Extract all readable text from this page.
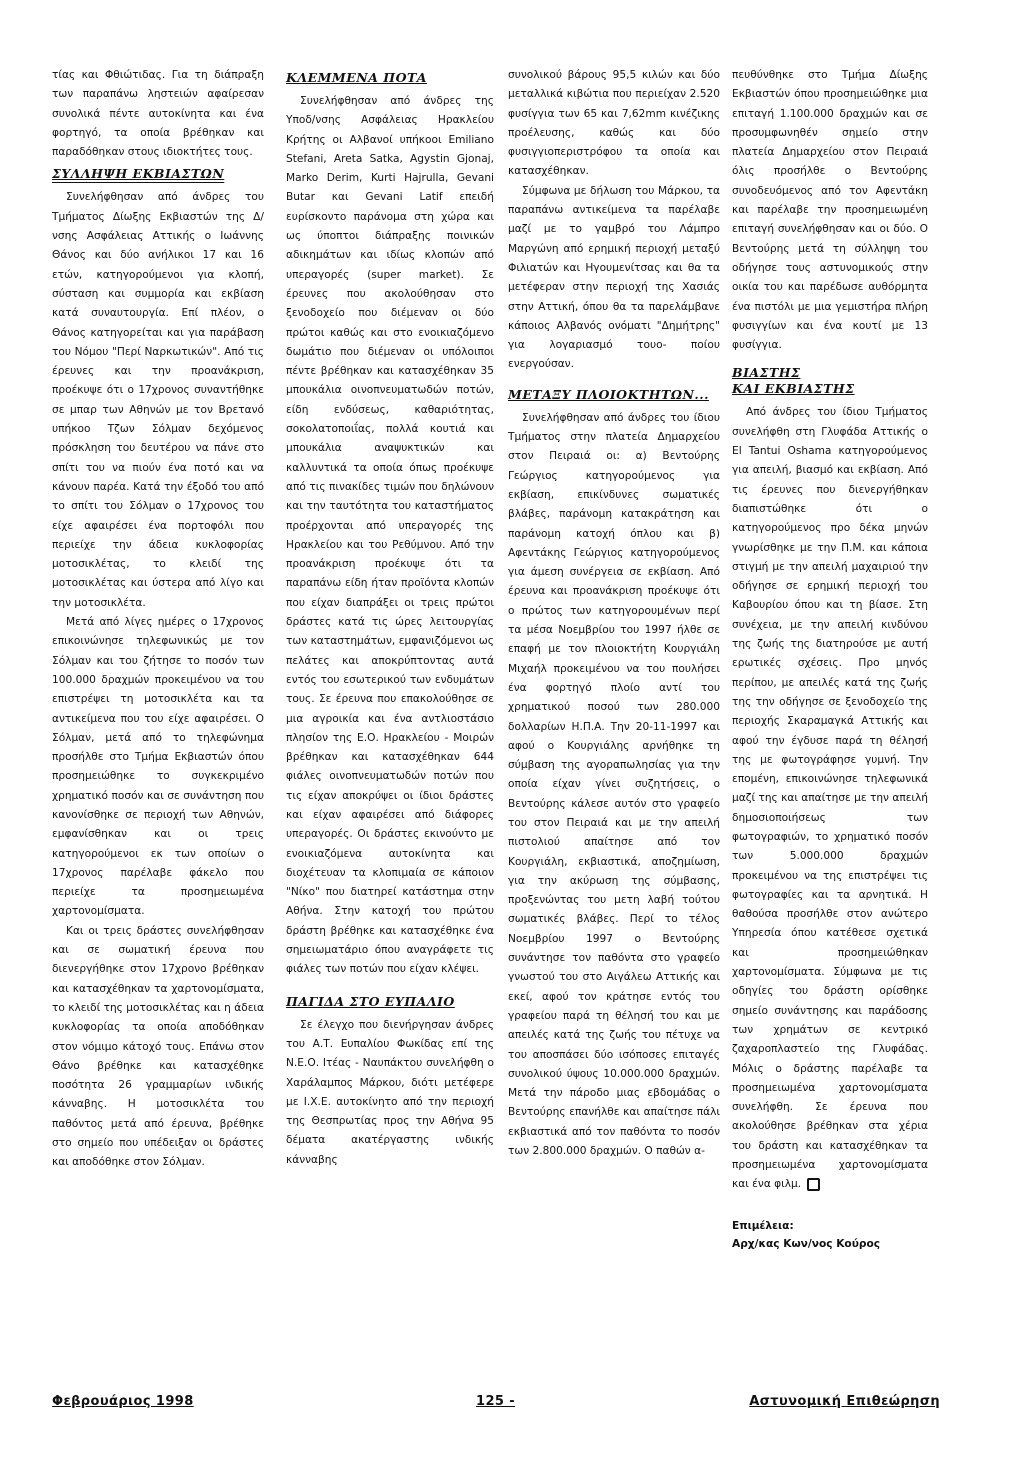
τίας και Φθιώτιδας. Για τη διάπραξη των παραπάνω ληστειών αφαίρεσαν συνολικά πέντε αυτοκίνητα και ένα φορτηγό, τα οποία βρέθηκαν και παραδόθηκαν στους ιδιοκτήτες τους.

ΣΥΛΛΗΨΗ ΕΚΒΙΑΣΤΩΝ

Συνελήφθησαν από άνδρες του Τμήματος Δίωξης Εκβιαστών της Δ/νσης Ασφάλειας Αττικής ο Ιωάννης Θάνος και δύο ανήλικοι 17 και 16 ετών, κατηγορούμενοι για κλοπή, σύσταση και συμμορία και εκβίαση κατά συναυτουργία. Επί πλέον, ο Θάνος κατηγορείται και για παράβαση του Νόμου "Περί Ναρκωτικών". Από τις έρευνες και την προανάκριση, προέκυψε ότι ο 17χρονος συναντήθηκε σε μπαρ των Αθηνών με τον Βρετανό υπήκοο Τζων Σόλμαν δεχόμενος πρόσκληση του δευτέρου να πάνε στο σπίτι του να πιούν ένα ποτό και να κάνουν παρέα. Κατά την έξοδό του από το σπίτι του Σόλμαν ο 17χρονος του είχε αφαιρέσει ένα πορτοφόλι που περιείχε την άδεια κυκλοφορίας μοτοσικλέτας, το κλειδί της μοτοσικλέτας και ύστερα από λίγο και την μοτοσικλέτα.

Μετά από λίγες ημέρες ο 17χρονος επικοινώνησε τηλεφωνικώς με τον Σόλμαν και του ζήτησε το ποσόν των 100.000 δραχμών προκειμένου να του επιστρέψει τη μοτοσικλέτα και τα αντικείμενα που του είχε αφαιρέσει. Ο Σόλμαν, μετά από το τηλεφώνημα προσήλθε στο Τμήμα Εκβιαστών όπου προσημειώθηκε το συγκεκριμένο χρηματικό ποσόν και σε συνάντηση που κανονίσθηκε σε περιοχή των Αθηνών, εμφανίσθηκαν και οι τρεις κατηγορούμενοι εκ των οποίων ο 17χρονος παρέλαβε φάκελο που περιείχε τα προσημειωμένα χαρτονομίσματα.

Και οι τρεις δράστες συνελήφθησαν και σε σωματική έρευνα που διενεργήθηκε στον 17χρονο βρέθηκαν και κατασχέθηκαν τα χαρτονομίσματα, το κλειδί της μοτοσικλέτας και η άδεια κυκλοφορίας τα οποία αποδόθηκαν στον νόμιμο κάτοχό τους. Επάνω στον Θάνο βρέθηκε και κατασχέθηκε ποσότητα 26 γραμμαρίων ινδικής κάνναβης. Η μοτοσικλέτα του παθόντος μετά από έρευνα, βρέθηκε στο σημείο που υπέδειξαν οι δράστες και αποδόθηκε στον Σόλμαν.

ΚΛΕΜΜΕΝΑ ΠΟΤΑ

Συνελήφθησαν από άνδρες της Υποδ/νσης Ασφάλειας Ηρακλείου Κρήτης οι Αλβανοί υπήκοοι Emiliano Stefani, Areta Satka, Agystin Gjonaj, Marko Derim, Kurti Hajrulla, Gevani Butar και Gevani Latif επειδή ευρίσκοντο παράνομα στη χώρα και ως ύποπτοι διάπραξης ποινικών αδικημάτων και ιδίως κλοπών από υπεραγορές (super market). Σε έρευνες που ακολούθησαν στο ξενοδοχείο που διέμεναν οι δύο πρώτοι καθώς και στο ενοικιαζόμενο δωμάτιο που διέμεναν οι υπόλοιποι πέντε βρέθηκαν και κατασχέθηκαν 35 μπουκάλια οινοπνευματωδών ποτών, είδη ενδύσεως, καθαριότητας, σοκολατοποιΐας, πολλά κουτιά και μπουκάλια αναψυκτικών και καλλυντικά τα οποία όπως προέκυψε από τις πινακίδες τιμών που δηλώνουν και την ταυτότητα του καταστήματος προέρχονται από υπεραγορές της Ηρακλείου και του Ρεθύμνου. Από την προανάκριση προέκυψε ότι τα παραπάνω είδη ήταν προϊόντα κλοπών που είχαν διαπράξει οι τρεις πρώτοι δράστες κατά τις ώρες λειτουργίας των καταστημάτων, εμφανιζόμενοι ως πελάτες και αποκρύπτοντας αυτά εντός του εσωτερικού των ενδυμάτων τους. Σε έρευνα που επακολούθησε σε μια αγροικία και ένα αντλιοστάσιο πλησίον της Ε.Ο. Ηρακλείου - Μοιρών βρέθηκαν και κατασχέθηκαν 644 φιάλες οινοπνευματωδών ποτών που τις είχαν αποκρύψει οι ίδιοι δράστες και είχαν αφαιρέσει από διάφορες υπεραγορές. Οι δράστες εκινούντο με ενοικιαζόμενα αυτοκίνητα και διοχέτευαν τα κλοπιμαία σε κάποιον "Νίκο" που διατηρεί κατάστημα στην Αθήνα. Στην κατοχή του πρώτου δράστη βρέθηκε και κατασχέθηκε ένα σημειωματάριο όπου αναγράφετε τις φιάλες των ποτών που είχαν κλέψει.

ΠΑΓΙΔΑ ΣΤΟ ΕΥΠΑΛΙΟ

Σε έλεγχο που διενήργησαν άνδρες του Α.Τ. Ευπαλίου Φωκίδας επί της Ν.Ε.Ο. Ιτέας - Ναυπάκτου συνελήφθη ο Χαράλαμπος Μάρκου, διότι μετέφερε με Ι.Χ.Ε. αυτοκίνητο από την περιοχή της Θεσπρωτίας προς την Αθήνα 95 δέματα ακατέργαστης ινδικής κάνναβης

συνολικού βάρους 95,5 κιλών και δύο μεταλλικά κιβώτια που περιείχαν 2.520 φυσίγγια των 65 και 7,62mm κινέζικης προέλευσης, καθώς και δύο φυσιγγιοπεριστρόφου τα οποία και κατασχέθηκαν.

Σύμφωνα με δήλωση του Μάρκου, τα παραπάνω αντικείμενα τα παρέλαβε μαζί με το γαμβρό του Λάμπρο Μαργώνη από ερημική περιοχή μεταξύ Φιλιατών και Ηγουμενίτσας και θα τα μετέφεραν στην περιοχή της Χασιάς στην Αττική, όπου θα τα παρελάμβανε κάποιος Αλβανός ονόματι "Δημήτρης" για λογαριασμό τουο- ποίου ενεργούσαν.

ΜΕΤΑΞΥ ΠΛΟΙΟΚΤΗΤΩΝ...

Συνελήφθησαν από άνδρες του ίδιου Τμήματος στην πλατεία Δημαρχείου στον Πειραιά οι: α) Βεντούρης Γεώργιος κατηγορούμενος για εκβίαση, επικίνδυνες σωματικές βλάβες, παράνομη κατακράτηση και παράνομη κατοχή όπλου και β) Αφεντάκης Γεώργιος κατηγορούμενος για άμεση συνέργεια σε εκβίαση. Από έρευνα και προανάκριση προέκυψε ότι ο πρώτος των κατηγορουμένων περί τα μέσα Νοεμβρίου του 1997 ήλθε σε επαφή με τον πλοιοκτήτη Κουργιάλη Μιχαήλ προκειμένου να του πουλήσει ένα φορτηγό πλοίο αντί του χρηματικού ποσού των 280.000 δολλαρίων Η.Π.Α. Την 20-11-1997 και αφού ο Κουργιάλης αρνήθηκε τη σύμβαση της αγοραπωλησίας για την οποία είχαν γίνει συζητήσεις, ο Βεντούρης κάλεσε αυτόν στο γραφείο του στον Πειραιά και με την απειλή πιστολιού απαίτησε από τον Κουργιάλη, εκβιαστικά, αποζημίωση, για την ακύρωση της σύμβασης, προξενώντας του μετη λαβή τούτου σωματικές βλάβες. Περί το τέλος Νοεμβρίου 1997 ο Βεντούρης συνάντησε τον παθόντα στο γραφείο γνωστού του στο Αιγάλεω Αττικής και εκεί, αφού τον κράτησε εντός του γραφείου παρά τη θέλησή του και με απειλές κατά της ζωής του πέτυχε να του αποσπάσει δύο ισόποσες επιταγές συνολικού ύψους 10.000.000 δραχμών. Μετά την πάροδο μιας εβδομάδας ο Βεντούρης επανήλθε και απαίτησε πάλι εκβιαστικά από τον παθόντα το ποσόν των 2.800.000 δραχμών. Ο παθών α-

πευθύνθηκε στο Τμήμα Δίωξης Εκβιαστών όπου προσημειώθηκε μια επιταγή 1.100.000 δραχμών και σε προσυμφωνηθέν σημείο στην πλατεία Δημαρχείου στον Πειραιά όλις προσήλθε ο Βεντούρης συνοδευόμενος από τον Αφεντάκη και παρέλαβε την προσημειωμένη επιταγή συνελήφθησαν και οι δύο. Ο Βεντούρης μετά τη σύλληψη του οδήγησε τους αστυνομικούς στην οικία του και παρέδωσε αυθόρμητα ένα πιστόλι με μια γεμιστήρα πλήρη φυσιγγίων και ένα κουτί με 13 φυσίγγια.

ΒΙΑΣΤΗΣ
ΚΑΙ ΕΚΒΙΑΣΤΗΣ

Από άνδρες του ίδιου Τμήματος συνελήφθη στη Γλυφάδα Αττικής ο El Tantui Oshama κατηγορούμενος για απειλή, βιασμό και εκβίαση. Από τις έρευνες που διενεργήθηκαν διαπιστώθηκε ότι ο κατηγορούμενος προ δέκα μηνών γνωρίσθηκε με την Π.Μ. και κάποια στιγμή με την απειλή μαχαιριού την οδήγησε σε ερημική περιοχή του Καβουρίου όπου και τη βίασε. Στη συνέχεια, με την απειλή κινδύνου της ζωής της διατηρούσε με αυτή ερωτικές σχέσεις. Προ μηνός περίπου, με απειλές κατά της ζωής της την οδήγησε σε ξενοδοχείο της περιοχής Σκαραμαγκά Αττικής και αφού την έγδυσε παρά τη θέλησή της με φωτογράφησε γυμνή. Την επομένη, επικοινώνησε τηλεφωνικά μαζί της και απαίτησε με την απειλή δημοσιοποιήσεως των φωτογραφιών, το χρηματικό ποσόν των 5.000.000 δραχμών προκειμένου να της επιστρέψει τις φωτογραφίες και τα αρνητικά. Η θαθούσα προσήλθε στον ανώτερο Υπηρεσία όπου κατέθεσε σχετικά και προσημειώθηκαν χαρτονομίσματα. Σύμφωνα με τις οδηγίες του δράστη ορίσθηκε σημείο συνάντησης και παράδοσης των χρημάτων σε κεντρικό ζαχαροπλαστείο της Γλυφάδας. Μόλις ο δράστης παρέλαβε τα προσημειωμένα χαρτονομίσματα συνελήφθη. Σε έρευνα που ακολούθησε βρέθηκαν στα χέρια του δράστη και κατασχέθηκαν τα προσημειωμένα χαρτονομίσματα και ένα φιλμ.

Επιμέλεια:
Αρχ/κας Κων/νος Κούρος
Φεβρουάριος 1998	125 -	Αστυνομική Επιθεώρηση
